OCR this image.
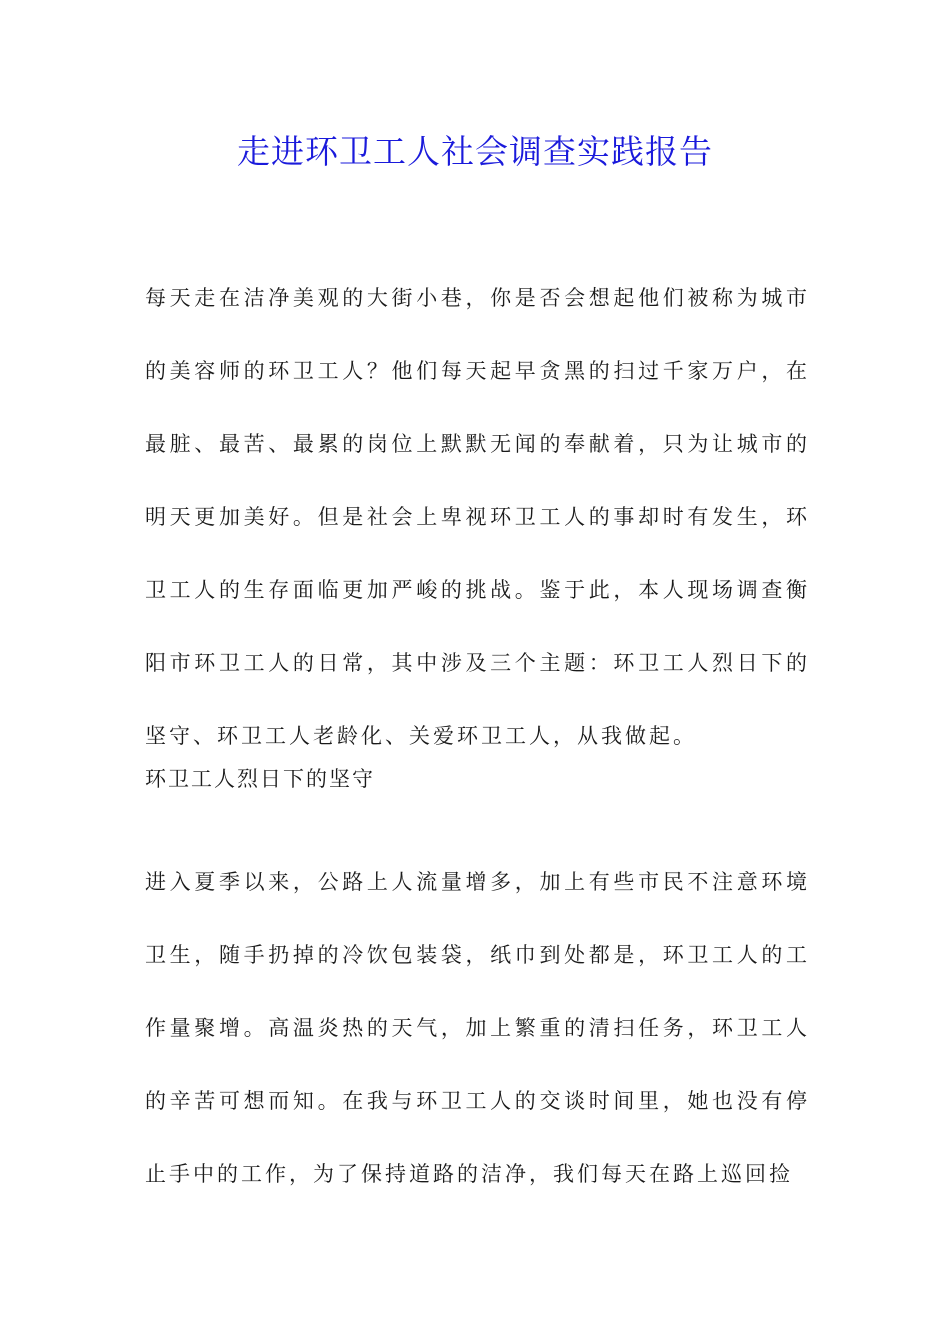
走进环卫工人社会调查实践报告

每天走在洁净美观的大街小巷，你是否会想起他们被称为城市的美容师的环卫工人？他们每天起早贪黑的扫过千家万户，在最脏、最苦、最累的岗位上默默无闻的奉献着，只为让城市的明天更加美好。但是社会上卑视环卫工人的事却时有发生，环卫工人的生存面临更加严峻的挑战。鉴于此，本人现场调查衡阳市环卫工人的日常，其中涉及三个主题：环卫工人烈日下的坚守、环卫工人老龄化、关爱环卫工人，从我做起。

环卫工人烈日下的坚守

进入夏季以来，公路上人流量增多，加上有些市民不注意环境卫生，随手扔掉的冷饮包装袋，纸巾到处都是，环卫工人的工作量聚增。高温炎热的天气，加上繁重的清扫任务，环卫工人的辛苦可想而知。在我与环卫工人的交谈时间里，她也没有停止手中的工作，为了保持道路的洁净，我们每天在路上巡回捡
